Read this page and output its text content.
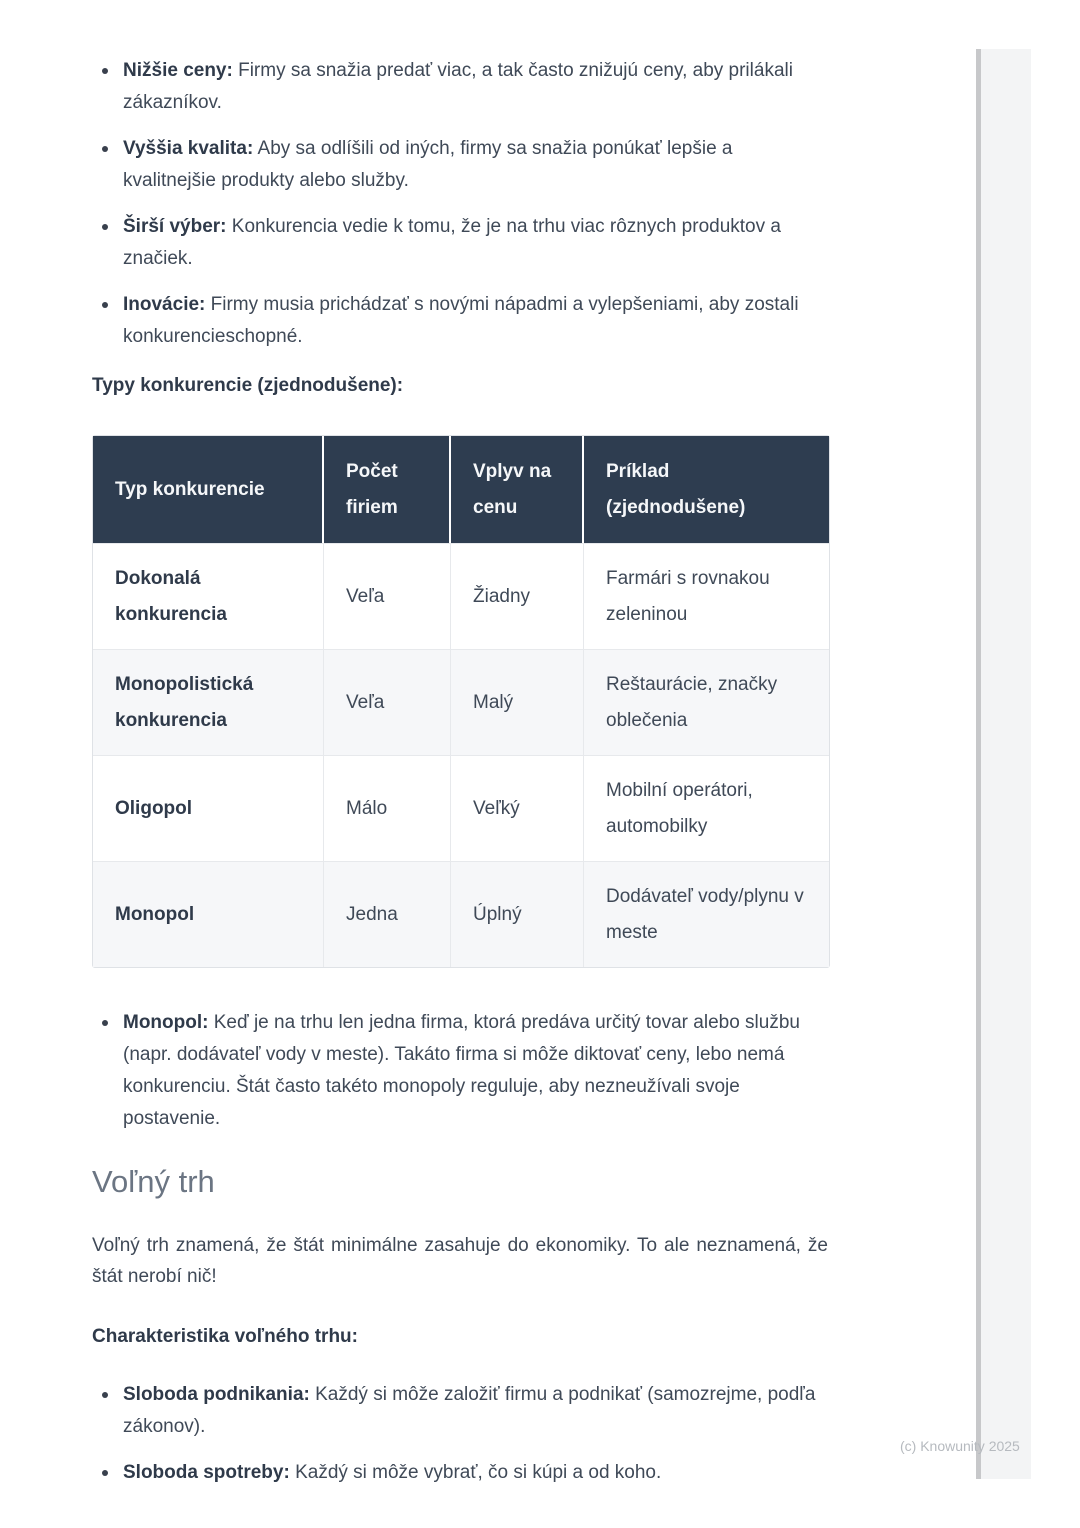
Nižšie ceny: Firmy sa snažia predať viac, a tak často znižujú ceny, aby prilákali zákazníkov.
Vyššia kvalita: Aby sa odlíšili od iných, firmy sa snažia ponúkať lepšie a kvalitnejšie produkty alebo služby.
Širší výber: Konkurencia vedie k tomu, že je na trhu viac rôznych produktov a značiek.
Inovácie: Firmy musia prichádzať s novými nápadmi a vylepšeniami, aby zostali konkurencieschopné.
Typy konkurencie (zjednodušene):
Typ konkurencie	Počet firiem	Vplyv na cenu	Príklad (zjednodušene)
Dokonalá konkurencia	Veľa	Žiadny	Farmári s rovnakou zeleninou
Monopolistická konkurencia	Veľa	Malý	Reštaurácie, značky oblečenia
Oligopol	Málo	Veľký	Mobilní operátori, automobilky
Monopol	Jedna	Úplný	Dodávateľ vody/plynu v meste
Monopol: Keď je na trhu len jedna firma, ktorá predáva určitý tovar alebo službu (napr. dodávateľ vody v meste). Takáto firma si môže diktovať ceny, lebo nemá konkurenciu. Štát často takéto monopoly reguluje, aby nezneužívali svoje postavenie.
Voľný trh

Voľný trh znamená, že štát minimálne zasahuje do ekonomiky. To ale neznamená, že štát nerobí nič!

Charakteristika voľného trhu:
Sloboda podnikania: Každý si môže založiť firmu a podnikať (samozrejme, podľa zákonov).
Sloboda spotreby: Každý si môže vybrať, čo si kúpi a od koho.
(c) Knowunity 2025
